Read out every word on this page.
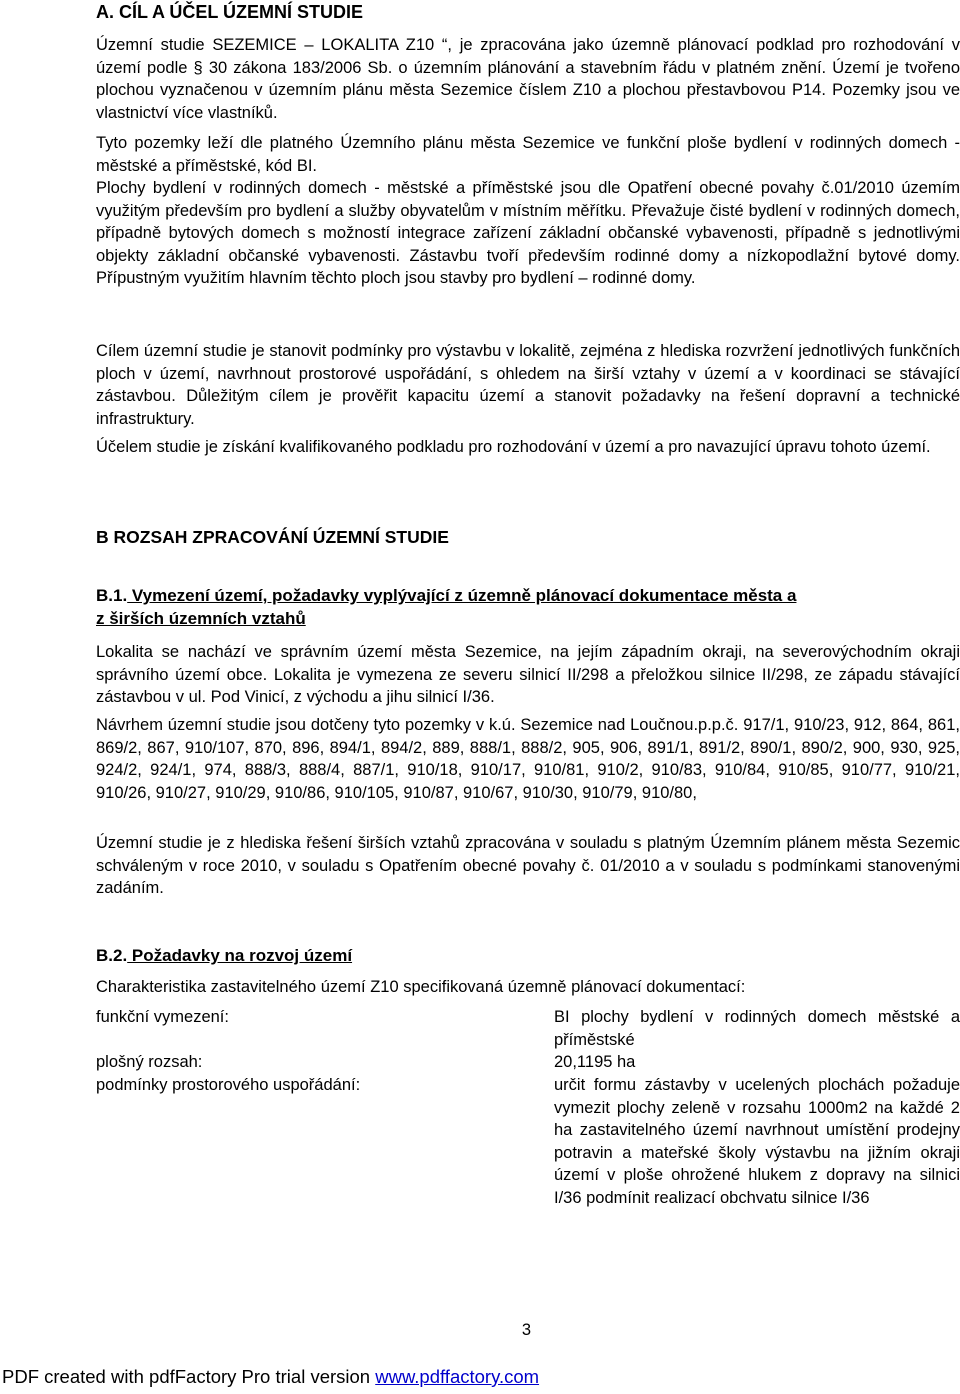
A. CÍL A ÚČEL ÚZEMNÍ STUDIE

Územní studie SEZEMICE – LOKALITA Z10 “, je zpracována jako územně plánovací podklad pro rozhodování v území podle § 30 zákona 183/2006 Sb. o územním plánování a stavebním řádu v platném znění. Území je tvořeno plochou vyznačenou v územním plánu města Sezemice číslem Z10 a plochou přestavbovou P14. Pozemky jsou ve vlastnictví více vlastníků.

Tyto pozemky leží dle platného Územního plánu města Sezemice ve funkční ploše bydlení v rodinných domech - městské a příměstské, kód BI.

Plochy bydlení v rodinných domech - městské a příměstské jsou dle Opatření obecné povahy č.01/2010 územím využitým především pro bydlení a služby obyvatelům v místním měřítku. Převažuje čisté bydlení v rodinných domech, případně bytových domech s možností integrace zařízení základní občanské vybavenosti, případně s jednotlivými objekty základní občanské vybavenosti. Zástavbu tvoří především rodinné domy a nízkopodlažní bytové domy. Přípustným využitím hlavním těchto ploch jsou stavby pro bydlení – rodinné domy.

Cílem územní studie je stanovit podmínky pro výstavbu v lokalitě, zejména z hlediska rozvržení jednotlivých funkčních ploch v území, navrhnout prostorové uspořádání, s ohledem na širší vztahy v území a v koordinaci se stávající zástavbou. Důležitým cílem je prověřit kapacitu území a stanovit požadavky na řešení dopravní a technické infrastruktury.

Účelem studie je získání kvalifikovaného podkladu pro rozhodování v území a pro navazující úpravu tohoto území.

B ROZSAH ZPRACOVÁNÍ ÚZEMNÍ STUDIE
B.1. Vymezení území, požadavky vyplývající z územně plánovací dokumentace města a
z širších územních vztahů

Lokalita se nachází ve správním území města Sezemice, na jejím západním okraji, na severovýchodním okraji správního území obce. Lokalita je vymezena ze severu silnicí II/298 a přeložkou silnice II/298, ze západu stávající zástavbou v ul. Pod Vinicí, z východu a jihu silnicí I/36.

Návrhem územní studie jsou dotčeny tyto pozemky v k.ú. Sezemice nad Loučnou.p.p.č. 917/1, 910/23, 912, 864, 861, 869/2, 867, 910/107, 870, 896, 894/1, 894/2, 889, 888/1, 888/2, 905, 906, 891/1, 891/2, 890/1, 890/2, 900, 930, 925, 924/2, 924/1, 974, 888/3, 888/4, 887/1, 910/18, 910/17, 910/81, 910/2, 910/83, 910/84, 910/85, 910/77, 910/21, 910/26, 910/27, 910/29, 910/86, 910/105, 910/87, 910/67, 910/30, 910/79, 910/80,

Územní studie je z hlediska řešení širších vztahů zpracována v souladu s platným Územním plánem města Sezemic schváleným v roce 2010, v souladu s Opatřením obecné povahy č. 01/2010 a v souladu s podmínkami stanovenými zadáním.

B.2. Požadavky na rozvoj území

Charakteristika zastavitelného území Z10 specifikovaná územně plánovací dokumentací:

funkční vymezení:	BI plochy bydlení v rodinných domech městské a příměstské
plošný rozsah:	20,1195 ha
podmínky prostorového uspořádání:	určit formu zástavby v ucelených plochách požaduje vymezit plochy zeleně v rozsahu 1000m2 na každé 2 ha zastavitelného území navrhnout umístění prodejny potravin a mateřské školy výstavbu na jižním okraji území v ploše ohrožené hlukem z dopravy na silnici I/36 podmínit realizací obchvatu silnice I/36
3
PDF created with pdfFactory Pro trial version www.pdffactory.com
